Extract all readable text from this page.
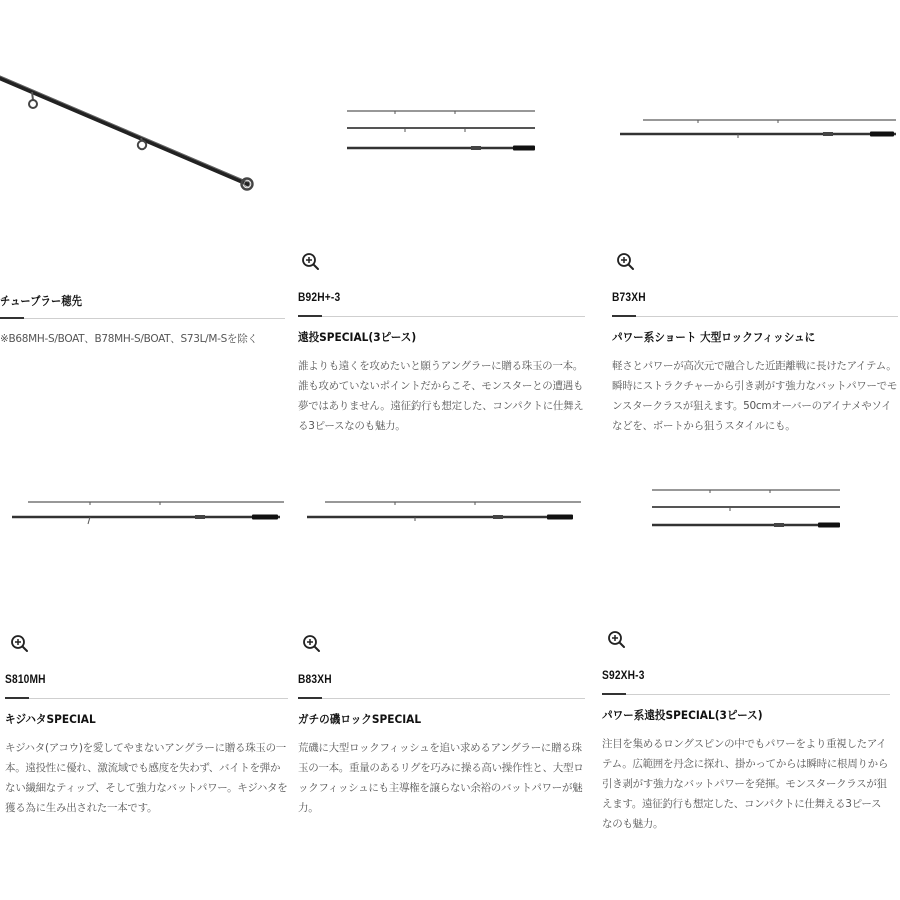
チューブラー穂先
※B68MH-S/BOAT、B78MH-S/BOAT、S73L/M-Sを除く
B92H+-3
遠投SPECIAL(3ピース)
誰よりも遠くを攻めたいと願うアングラーに贈る珠玉の一本。誰も攻めていないポイントだからこそ、モンスターとの遭遇も夢ではありません。遠征釣行も想定した、コンパクトに仕舞える3ピースなのも魅力。
B73XH
パワー系ショート 大型ロックフィッシュに
軽さとパワーが高次元で融合した近距離戦に長けたアイテム。瞬時にストラクチャーから引き剥がす強力なバットパワーでモンスタークラスが狙えます。50cmオーバーのアイナメやソイなどを、ボートから狙うスタイルにも。
S810MH
キジハタSPECIAL
キジハタ(アコウ)を愛してやまないアングラーに贈る珠玉の一本。遠投性に優れ、激流域でも感度を失わず、バイトを弾かない繊細なティップ、そして強力なバットパワー。キジハタを獲る為に生み出された一本です。
B83XH
ガチの磯ロックSPECIAL
荒磯に大型ロックフィッシュを追い求めるアングラーに贈る珠玉の一本。重量のあるリグを巧みに操る高い操作性と、大型ロックフィッシュにも主導権を譲らない余裕のバットパワーが魅力。
S92XH-3
パワー系遠投SPECIAL(3ピース)
注目を集めるロングスピンの中でもパワーをより重視したアイテム。広範囲を丹念に探れ、掛かってからは瞬時に根周りから引き剥がす強力なバットパワーを発揮。モンスタークラスが狙えます。遠征釣行も想定した、コンパクトに仕舞える3ピースなのも魅力。
